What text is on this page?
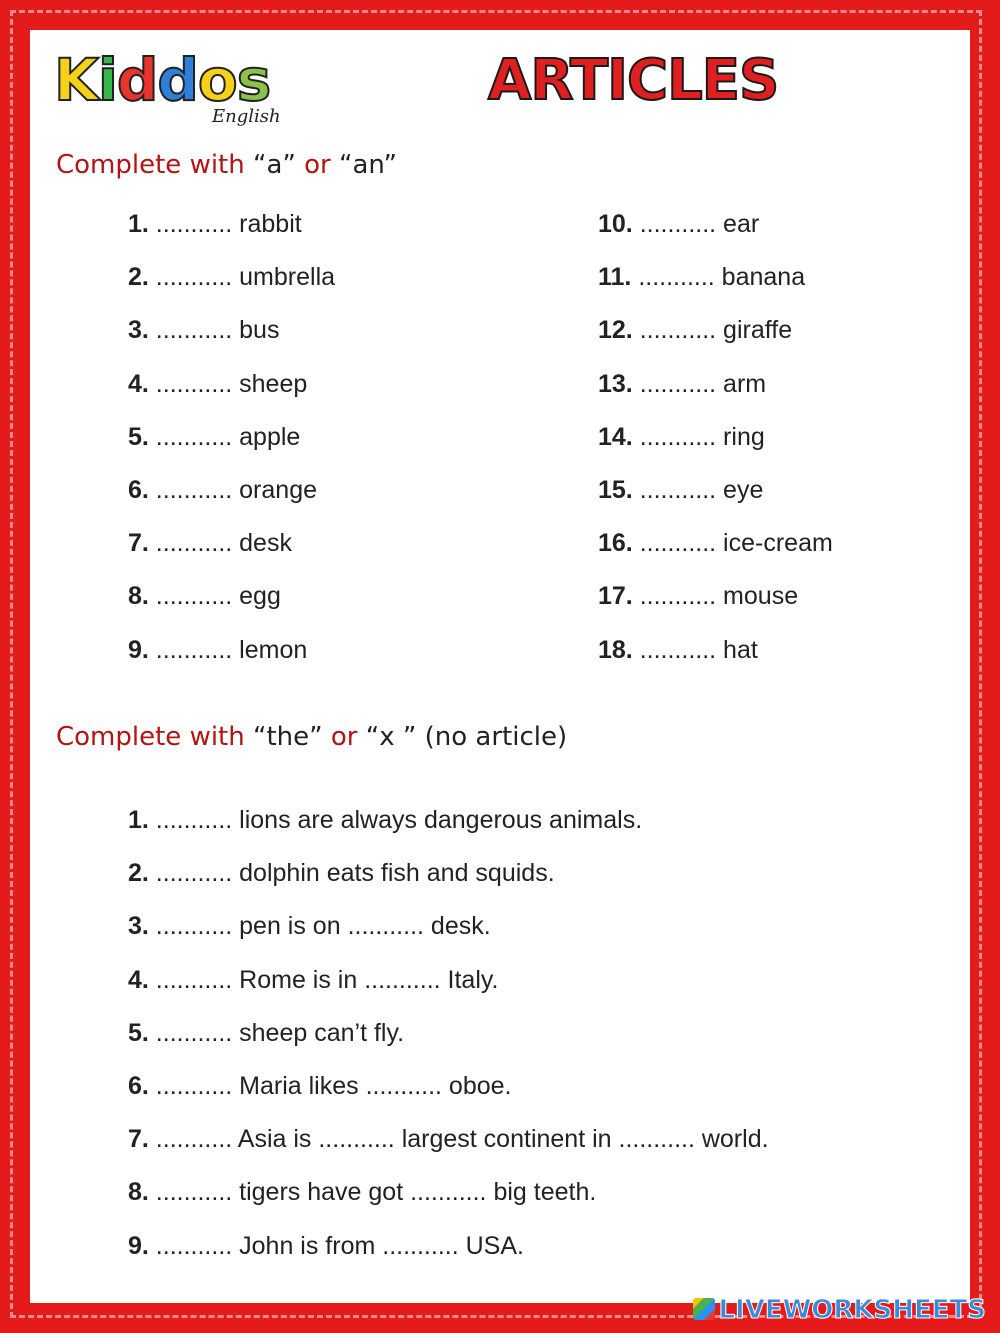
Kiddos
English
ARTICLES
Complete with “a” or “an”
1. ........... rabbit
2. ........... umbrella
3. ........... bus
4. ........... sheep
5. ........... apple
6. ........... orange
7. ........... desk
8. ........... egg
9. ........... lemon
10. ........... ear
11. ........... banana
12. ........... giraffe
13. ........... arm
14. ........... ring
15. ........... eye
16. ........... ice-cream
17. ........... mouse
18. ........... hat
Complete with “the” or “x ” (no article)
1. ........... lions are always dangerous animals.
2. ........... dolphin eats fish and squids.
3. ........... pen is on ........... desk.
4. ........... Rome is in ........... Italy.
5. ........... sheep can’t fly.
6. ........... Maria likes ........... oboe.
7. ........... Asia is ........... largest continent in ........... world.
8. ........... tigers have got ........... big teeth.
9. ........... John is from ........... USA.
LIVEWORKSHEETS
